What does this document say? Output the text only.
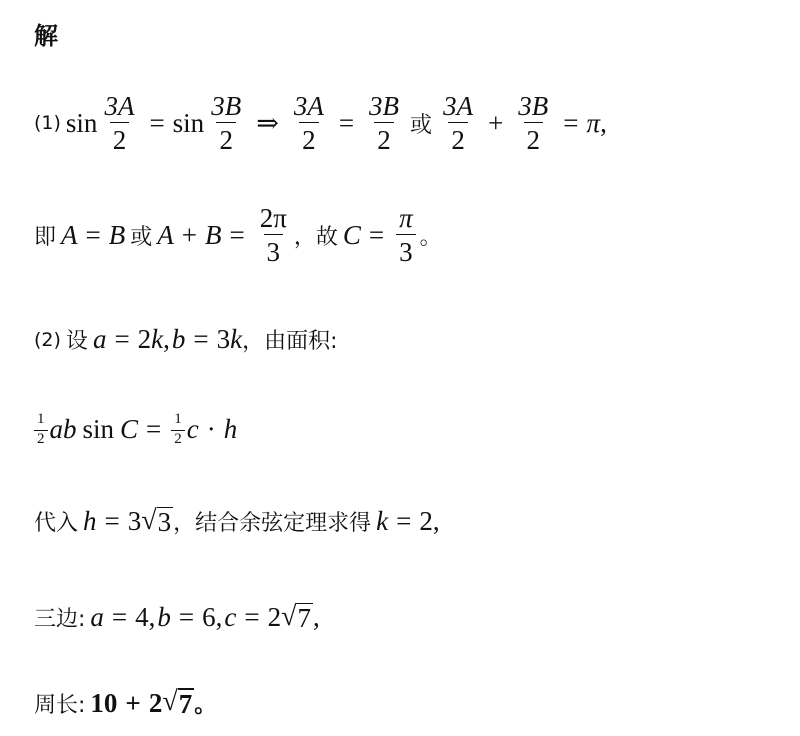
解
(1) $\sin \frac{3A}{2} = \sin \frac{3B}{2}$ ⇒ $\frac{3A}{2} = \frac{3B}{2}$ 或 $\frac{3A}{2} + \frac{3B}{2} = \pi$ ,
即 A = B 或 $A + B = \frac{2\pi}{3}$ ，故 $C = \frac{\pi}{3}$ 。
(2) 设 a = 2 k , b = 3 k ，由面积:
$\frac{1}{2}$ ab $\sin C = \frac{1}{2}$ c · h
代入 h = 3 √ 3 ，结合余弦定理求得 k = 2 ,
三边: a = 4 , b = 6 , c = 2 √ 7 ,
周长: 10 + 2 √ 7 。
